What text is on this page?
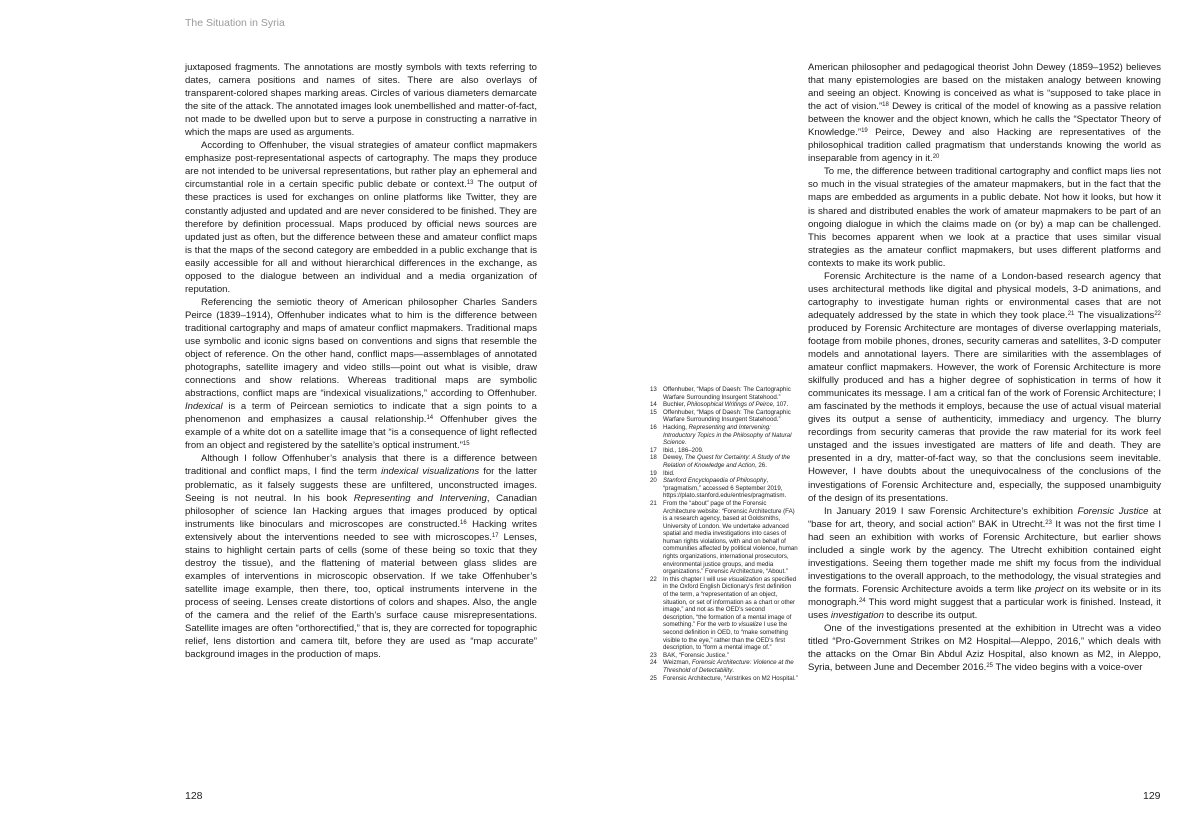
The Situation in Syria

juxtaposed fragments. The annotations are mostly symbols with texts referring to dates, camera positions and names of sites. There are also overlays of transparent-colored shapes marking areas. Circles of various diameters demarcate the site of the attack. The annotated images look unembellished and matter-of-fact, not made to be dwelled upon but to serve a purpose in constructing a narrative in which the maps are used as arguments.

According to Offenhuber, the visual strategies of amateur conflict mapmakers emphasize post-representational aspects of cartography. The maps they produce are not intended to be universal representations, but rather play an ephemeral and circumstantial role in a certain specific public debate or context.$^{13}$ The output of these practices is used for exchanges on online platforms like Twitter, they are constantly adjusted and updated and are never considered to be finished. They are therefore by definition processual. Maps produced by official news sources are updated just as often, but the difference between these and amateur conflict maps is that the maps of the second category are embedded in a public exchange that is easily accessible for all and without hierarchical differences in the exchange, as opposed to the dialogue between an individual and a media organization of reputation.

Referencing the semiotic theory of American philosopher Charles Sanders Peirce (1839–1914), Offenhuber indicates what to him is the difference between traditional cartography and maps of amateur conflict mapmakers. Traditional maps use symbolic and iconic signs based on conventions and signs that resemble the object of reference. On the other hand, conflict maps—assemblages of annotated photographs, satellite imagery and video stills—point out what is visible, draw connections and show relations. Whereas traditional maps are symbolic abstractions, conflict maps are “indexical visualizations,” according to Offenhuber. Indexical is a term of Peircean semiotics to indicate that a sign points to a phenomenon and emphasizes a causal relationship.$^{14}$ Offenhuber gives the example of a white dot on a satellite image that “is a consequence of light reflected from an object and registered by the satellite’s optical instrument.”$^{15}$

Although I follow Offenhuber’s analysis that there is a difference between traditional and conflict maps, I find the term indexical visualizations for the latter problematic, as it falsely suggests these are unfiltered, unconstructed images. Seeing is not neutral. In his book Representing and Intervening, Canadian philosopher of science Ian Hacking argues that images produced by optical instruments like binoculars and microscopes are constructed.$^{16}$ Hacking writes extensively about the interventions needed to see with microscopes.$^{17}$ Lenses, stains to highlight certain parts of cells (some of these being so toxic that they destroy the tissue), and the flattening of material between glass slides are examples of interventions in microscopic observation. If we take Offenhuber’s satellite image example, then there, too, optical instruments intervene in the process of seeing. Lenses create distortions of colors and shapes. Also, the angle of the camera and the relief of the Earth’s surface cause misrepresentations. Satellite images are often “orthorectified,” that is, they are corrected for topographic relief, lens distortion and camera tilt, before they are used as “map accurate” background images in the production of maps.

13	Offenhuber, “Maps of Daesh: The Cartographic Warfare Surrounding Insurgent Statehood.”
14	Buchler, Philosophical Writings of Peirce, 107.
15	Offenhuber, “Maps of Daesh: The Cartographic Warfare Surrounding Insurgent Statehood.”
16	Hacking, Representing and Intervening: Introductory Topics in the Philosophy of Natural Science.
17	Ibid., 186–209.
18	Dewey, The Quest for Certainty: A Study of the Relation of Knowledge and Action, 26.
19	Ibid.
20	Stanford Encyclopaedia of Philosophy, “pragmatism,” accessed 6 September 2019, https://plato.stanford.edu/entries/pragmatism.
21	From the “about” page of the Forensic Architecture website: “Forensic Architecture (FA) is a research agency, based at Goldsmiths, University of London. We undertake advanced spatial and media investigations into cases of human rights violations, with and on behalf of communities affected by political violence, human rights organizations, international prosecutors, environmental justice groups, and media organizations.” Forensic Architecture, “About.”
22	In this chapter I will use visualization as specified in the Oxford English Dictionary’s first definition of the term, a “representation of an object, situation, or set of information as a chart or other image,” and not as the OED’s second description, “the formation of a mental image of something.” For the verb to visualize I use the second definition in OED, to “make something visible to the eye,” rather than the OED’s first description, to “form a mental image of.”
23	BAK, “Forensic Justice.”
24	Weizman, Forensic Architecture: Violence at the Threshold of Detectability.
25	Forensic Architecture, “Airstrikes on M2 Hospital.”

American philosopher and pedagogical theorist John Dewey (1859–1952) believes that many epistemologies are based on the mistaken analogy between knowing and seeing an object. Knowing is conceived as what is “supposed to take place in the act of vision.”$^{18}$ Dewey is critical of the model of knowing as a passive relation between the knower and the object known, which he calls the “Spectator Theory of Knowledge.”$^{19}$ Peirce, Dewey and also Hacking are representatives of the philosophical tradition called pragmatism that understands knowing the world as inseparable from agency in it.$^{20}$

To me, the difference between traditional cartography and conflict maps lies not so much in the visual strategies of the amateur mapmakers, but in the fact that the maps are embedded as arguments in a public debate. Not how it looks, but how it is shared and distributed enables the work of amateur mapmakers to be part of an ongoing dialogue in which the claims made on (or by) a map can be challenged. This becomes apparent when we look at a practice that uses similar visual strategies as the amateur conflict mapmakers, but uses different platforms and contexts to make its work public.

Forensic Architecture is the name of a London-based research agency that uses architectural methods like digital and physical models, 3-D animations, and cartography to investigate human rights or environmental cases that are not adequately addressed by the state in which they took place.$^{21}$ The visualizations$^{22}$ produced by Forensic Architecture are montages of diverse overlapping materials, footage from mobile phones, drones, security cameras and satellites, 3-D computer models and annotational layers. There are similarities with the assemblages of amateur conflict mapmakers. However, the work of Forensic Architecture is more skilfully produced and has a higher degree of sophistication in terms of how it communicates its message. I am a critical fan of the work of Forensic Architecture; I am fascinated by the methods it employs, because the use of actual visual material gives its output a sense of authenticity, immediacy and urgency. The blurry recordings from security cameras that provide the raw material for its work feel unstaged and the issues investigated are matters of life and death. They are presented in a dry, matter-of-fact way, so that the conclusions seem inevitable. However, I have doubts about the unequivocalness of the conclusions of the investigations of Forensic Architecture and, especially, the supposed unambiguity of the design of its presentations.

In January 2019 I saw Forensic Architecture’s exhibition Forensic Justice at “base for art, theory, and social action” BAK in Utrecht.$^{23}$ It was not the first time I had seen an exhibition with works of Forensic Architecture, but earlier shows included a single work by the agency. The Utrecht exhibition contained eight investigations. Seeing them together made me shift my focus from the individual investigations to the overall approach, to the methodology, the visual strategies and the formats. Forensic Architecture avoids a term like project on its website or in its monograph.$^{24}$ This word might suggest that a particular work is finished. Instead, it uses investigation to describe its output.

One of the investigations presented at the exhibition in Utrecht was a video titled “Pro-Government Strikes on M2 Hospital—Aleppo, 2016,” which deals with the attacks on the Omar Bin Abdul Aziz Hospital, also known as M2, in Aleppo, Syria, between June and December 2016.25 The video begins with a voice-over

128	129
